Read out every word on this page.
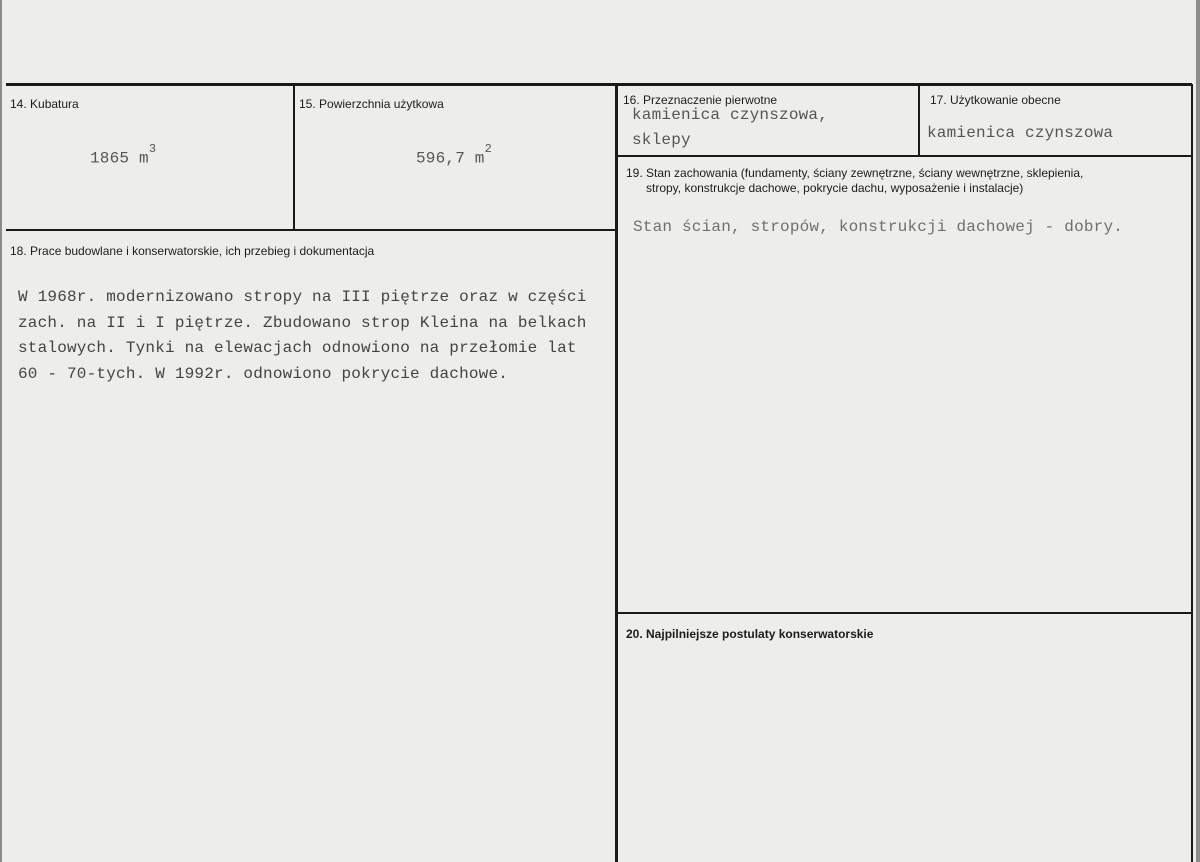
14. Kubatura
1865 $m^3$
15. Powierzchnia użytkowa
596,7 $m^2$
16. Przeznaczenie pierwotne
kamienica czynszowa,
sklepy
17. Użytkowanie obecne
kamienica czynszowa
18. Prace budowlane i konserwatorskie, ich przebieg i dokumentacja
W 1968r. modernizowano stropy na III piętrze oraz w części
zach. na II i I piętrze. Zbudowano strop Kleina na belkach
stalowych. Tynki na elewacjach odnowiono na przełomie lat
60 - 70-tych. W 1992r. odnowiono pokrycie dachowe.
19. Stan zachowania (fundamenty, ściany zewnętrzne, ściany wewnętrzne, sklepienia,
stropy, konstrukcje dachowe, pokrycie dachu, wyposażenie i instalacje)
Stan ścian, stropów, konstrukcji dachowej - dobry.
20. Najpilniejsze postulaty konserwatorskie
